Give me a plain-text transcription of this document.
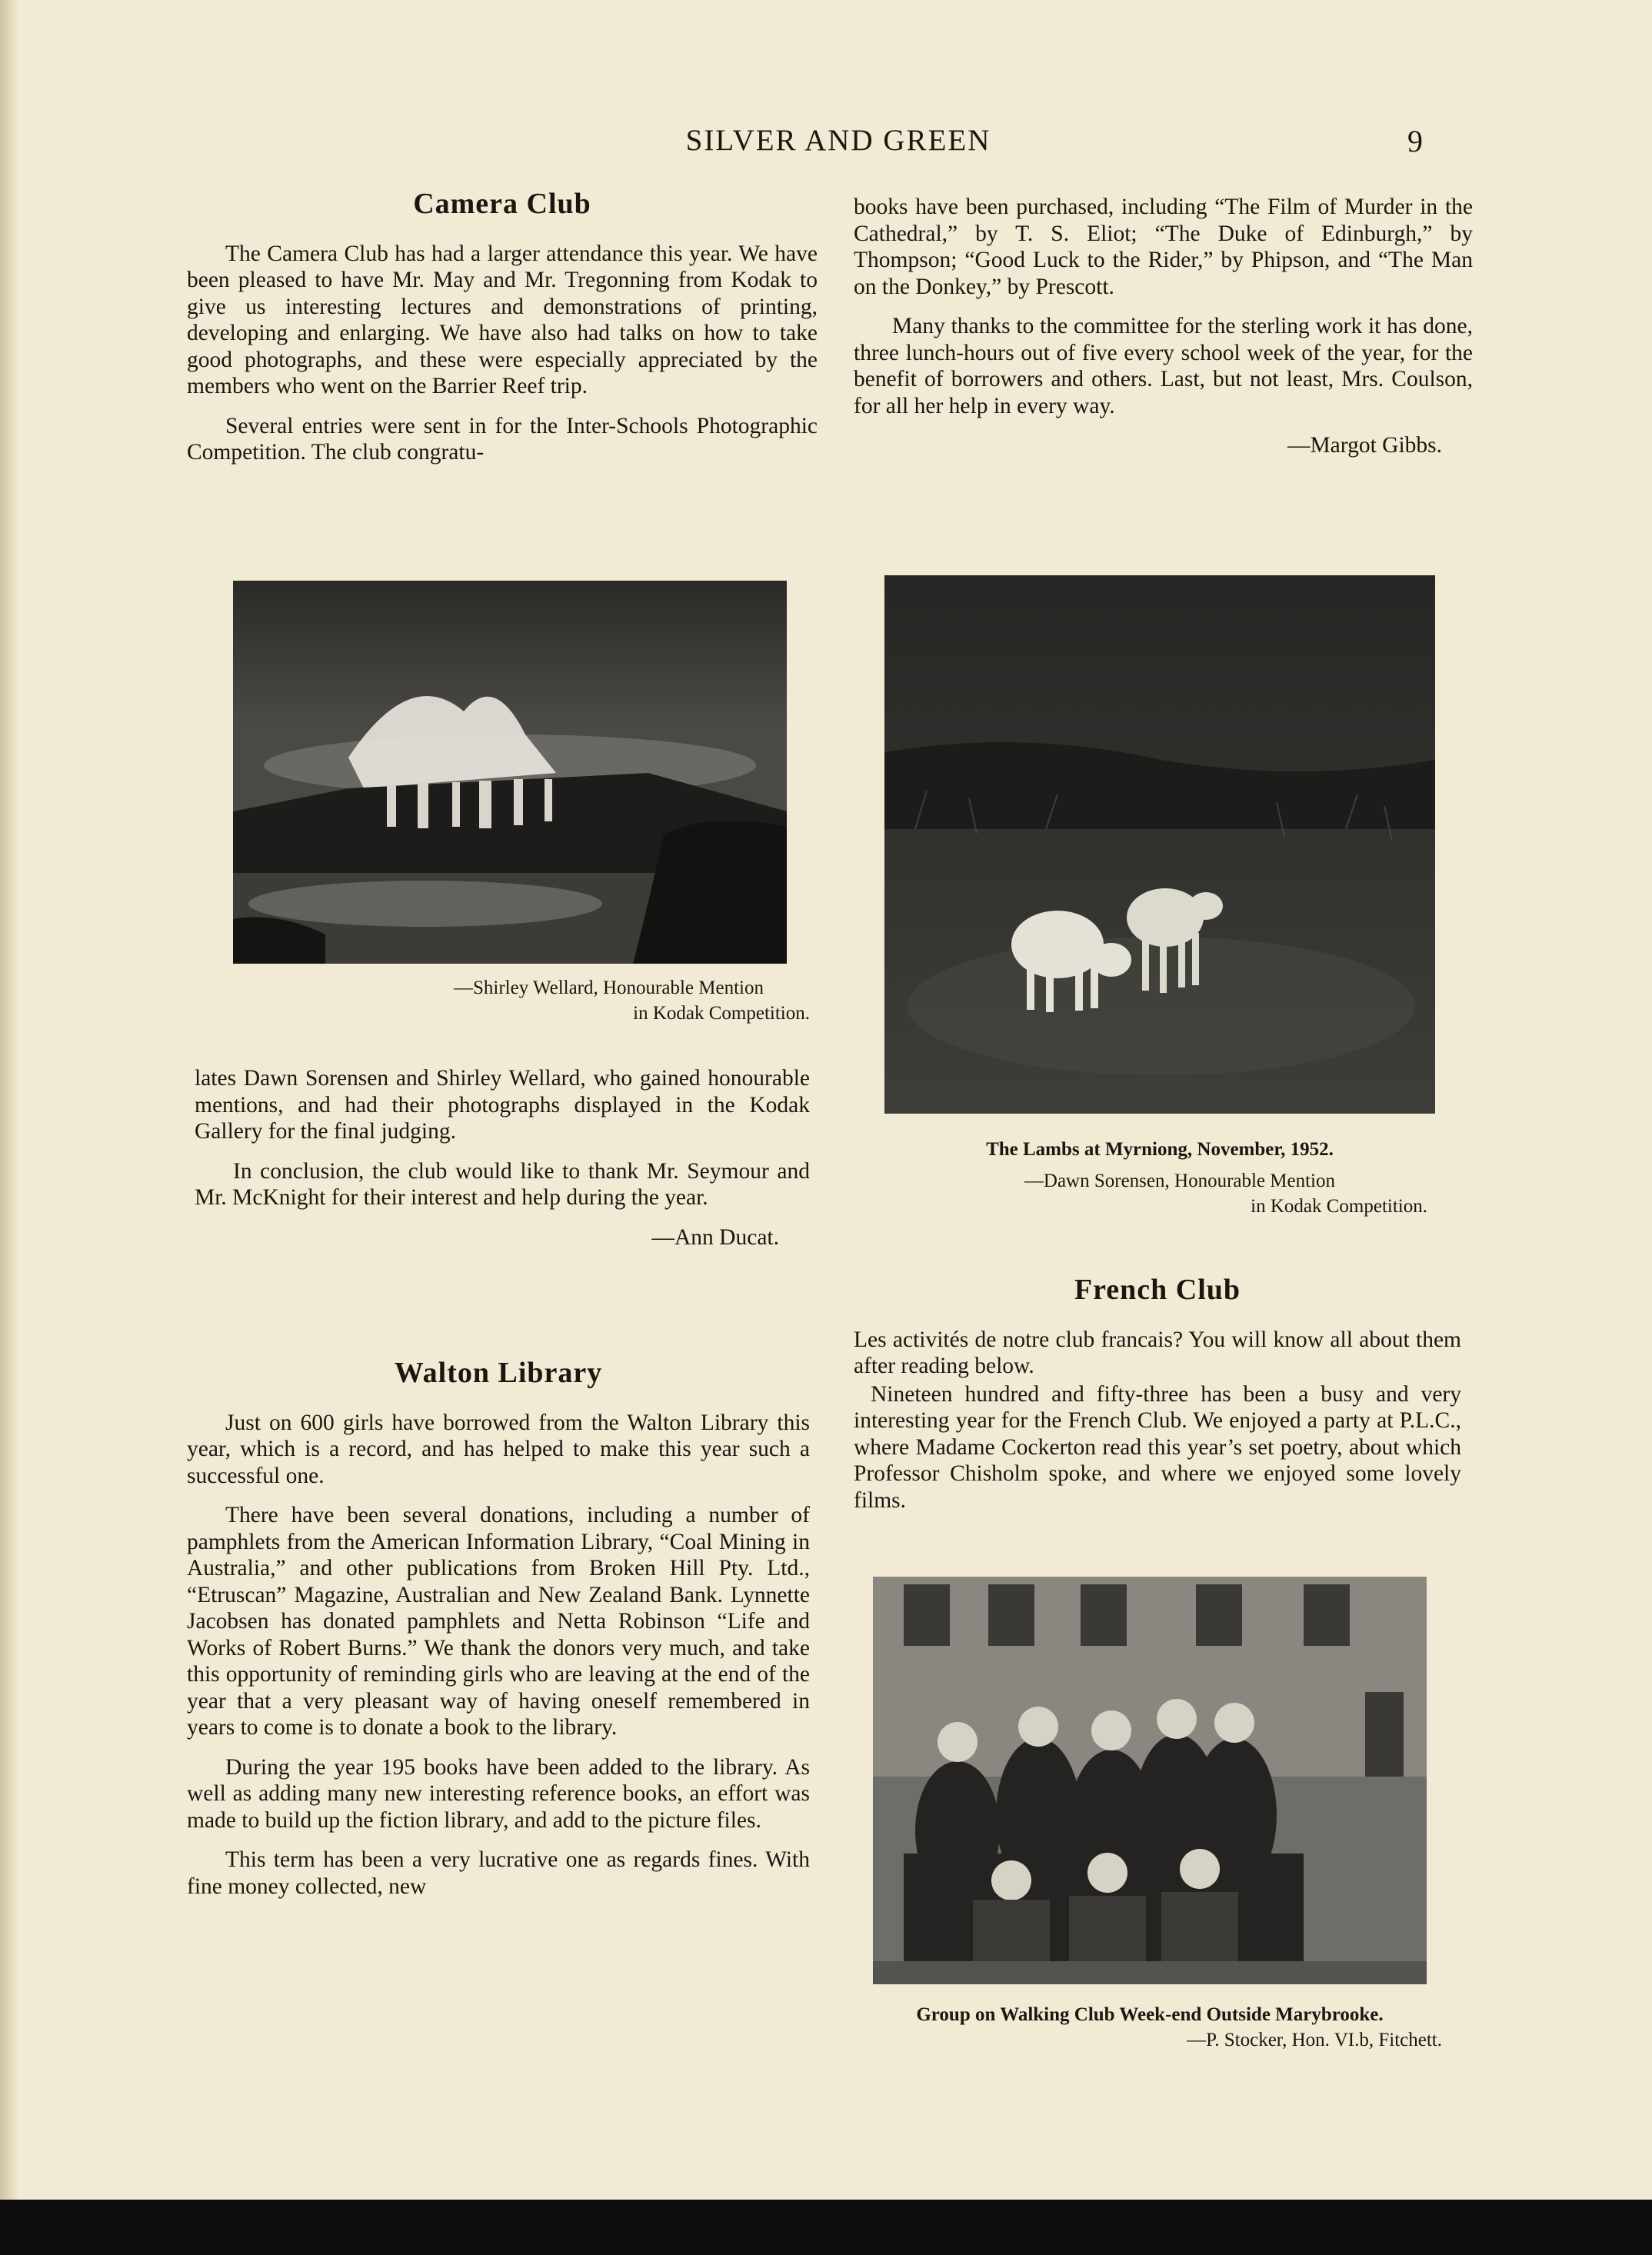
SILVER AND GREEN	9
Camera Club

The Camera Club has had a larger attendance this year. We have been pleased to have Mr. May and Mr. Tregonning from Kodak to give us interesting lectures and demonstrations of printing, developing and enlarging. We have also had talks on how to take good photographs, and these were especially appreciated by the members who went on the Barrier Reef trip.

Several entries were sent in for the Inter-Schools Photographic Competition. The club congratu-

—Shirley Wellard, Honourable Mention
in Kodak Competition.

lates Dawn Sorensen and Shirley Wellard, who gained honourable mentions, and had their photographs displayed in the Kodak Gallery for the final judging.

In conclusion, the club would like to thank Mr. Seymour and Mr. McKnight for their interest and help during the year.

—Ann Ducat.

Walton Library

Just on 600 girls have borrowed from the Walton Library this year, which is a record, and has helped to make this year such a successful one.

There have been several donations, including a number of pamphlets from the American Information Library, “Coal Mining in Australia,” and other publications from Broken Hill Pty. Ltd., “Etruscan” Magazine, Australian and New Zealand Bank. Lynnette Jacobsen has donated pamphlets and Netta Robinson “Life and Works of Robert Burns.” We thank the donors very much, and take this opportunity of reminding girls who are leaving at the end of the year that a very pleasant way of having oneself remembered in years to come is to donate a book to the library.

During the year 195 books have been added to the library. As well as adding many new interesting reference books, an effort was made to build up the fiction library, and add to the picture files.

This term has been a very lucrative one as regards fines. With fine money collected, new

books have been purchased, including “The Film of Murder in the Cathedral,” by T. S. Eliot; “The Duke of Edinburgh,” by Thompson; “Good Luck to the Rider,” by Phipson, and “The Man on the Donkey,” by Prescott.

Many thanks to the committee for the sterling work it has done, three lunch-hours out of five every school week of the year, for the benefit of borrowers and others. Last, but not least, Mrs. Coulson, for all her help in every way.

—Margot Gibbs.

The Lambs at Myrniong, November, 1952.
—Dawn Sorensen, Honourable Mention
in Kodak Competition.
French Club

Les activités de notre club francais? You will know all about them after reading below.

Nineteen hundred and fifty-three has been a busy and very interesting year for the French Club. We enjoyed a party at P.L.C., where Madame Cockerton read this year’s set poetry, about which Professor Chisholm spoke, and where we enjoyed some lovely films.

Group on Walking Club Week-end Outside Marybrooke.
—P. Stocker, Hon. VI.b, Fitchett.
